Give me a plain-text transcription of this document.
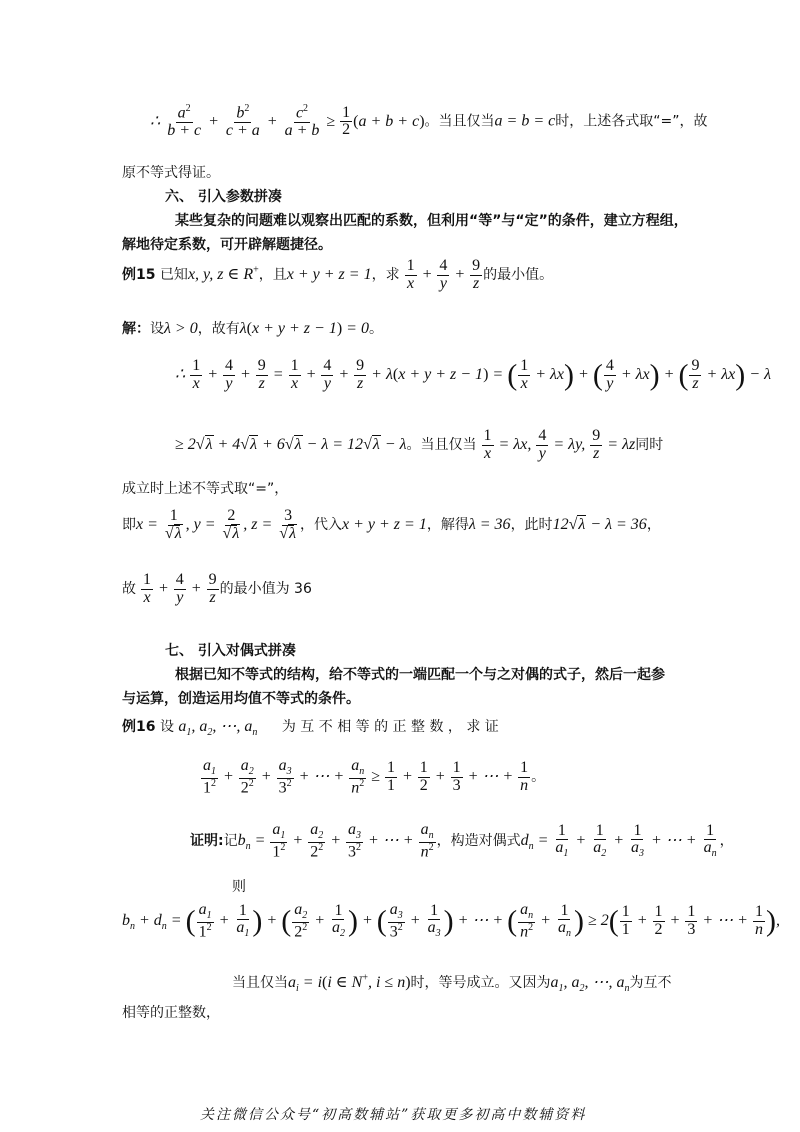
∴ $\frac{a^2}{b + c} + \frac{b^2}{c + a} + \frac{c^2}{a + b} \ge \frac{1}{2} (a + b + c)$。当且仅当a = b = c时，上述各式取“=”，故
原不等式得证。
六、 引入参数拼凑
某些复杂的问题难以观察出匹配的系数，但利用“等”与“定”的条件，建立方程组，
解地待定系数，可开辟解题捷径。
例15 已知x, y, z ∈ R+，且x + y + z = 1，求 $\frac{1}{x} + \frac{4}{y} + \frac{9}{z}$ 的最小值。
解：设λ > 0，故有λ(x + y + z − 1) = 0。
∴ $\frac{1}{x} + \frac{4}{y} + \frac{9}{z} = \frac{1}{x} + \frac{4}{y} + \frac{9}{z} + \lambda(x + y + z - 1)$ = ( $\frac{1}{x} + \lambda x$) + ( $\frac{4}{y} + \lambda x$) + ( $\frac{9}{z} + \lambda x) - \lambda$
≥ 2√λ + 4√λ + 6√λ − λ = 12√λ − λ。当且仅当 $\frac{1}{x} = \lambda x$, $\frac{4}{y} = \lambda y$, $\frac{9}{z} = \lambda z$同时
成立时上述不等式取“=”，
即$x = \frac{1}{√\lambda}$ , $y = \frac{2}{√\lambda}$ , $z = \frac{3}{√\lambda}$ ，代入x + y + z = 1，解得λ = 36，此时12√λ − λ = 36，
故 $\frac{1}{x} + \frac{4}{y} + \frac{9}{z}$ 的最小值为 36
七、 引入对偶式拼凑
根据已知不等式的结构，给不等式的一端匹配一个与之对偶的式子，然后一起参
与运算，创造运用均值不等式的条件。
例16 设 $a_1$, $a_2$, ⋯, $a_n$ 为 互 不 相 等 的 正 整 数 ， 求 证
$\frac{a_1}{1^2} + \frac{a_2}{2^2} + \frac{a_3}{3^2}$ + ⋯ + $\frac{a_n}{n^2} \ge \frac{1}{1} + \frac{1}{2} + \frac{1}{3}$ + ⋯ + $\frac{1}{n}$ 。
证明:记$b_n = \frac{a_1}{1^2} + \frac{a_2}{2^2} + \frac{a_3}{3^2}$ + ⋯ + $\frac{a_n}{n^2}$ ，构造对偶式$d_n = \frac{1}{a_1} + \frac{1}{a_2} + \frac{1}{a_3}$ + ⋯ + $\frac{1}{a_n}$ ，
则
$b_n + d_n$ = ( $\frac{a_1}{1^2} + \frac{1}{a_1}$ ) + ( $\frac{a_2}{2^2} + \frac{1}{a_2}$ ) + ( $\frac{a_3}{3^2} + \frac{1}{a_3}$ ) + ⋯ + ( $\frac{a_n}{n^2} + \frac{1}{a_n}$ ) ≥ $2( \frac{1}{1} + \frac{1}{2} + \frac{1}{3}$ + ⋯ + $\frac{1}{n}$ ),
当且仅当$a_i = i(i$ ∈ N+, i ≤ n)时，等号成立。又因为$a_1$, $a_2$, ⋯, $a_n$为互不
相等的正整数，
关注微信公众号“初高数辅站”获取更多初高中数辅资料
